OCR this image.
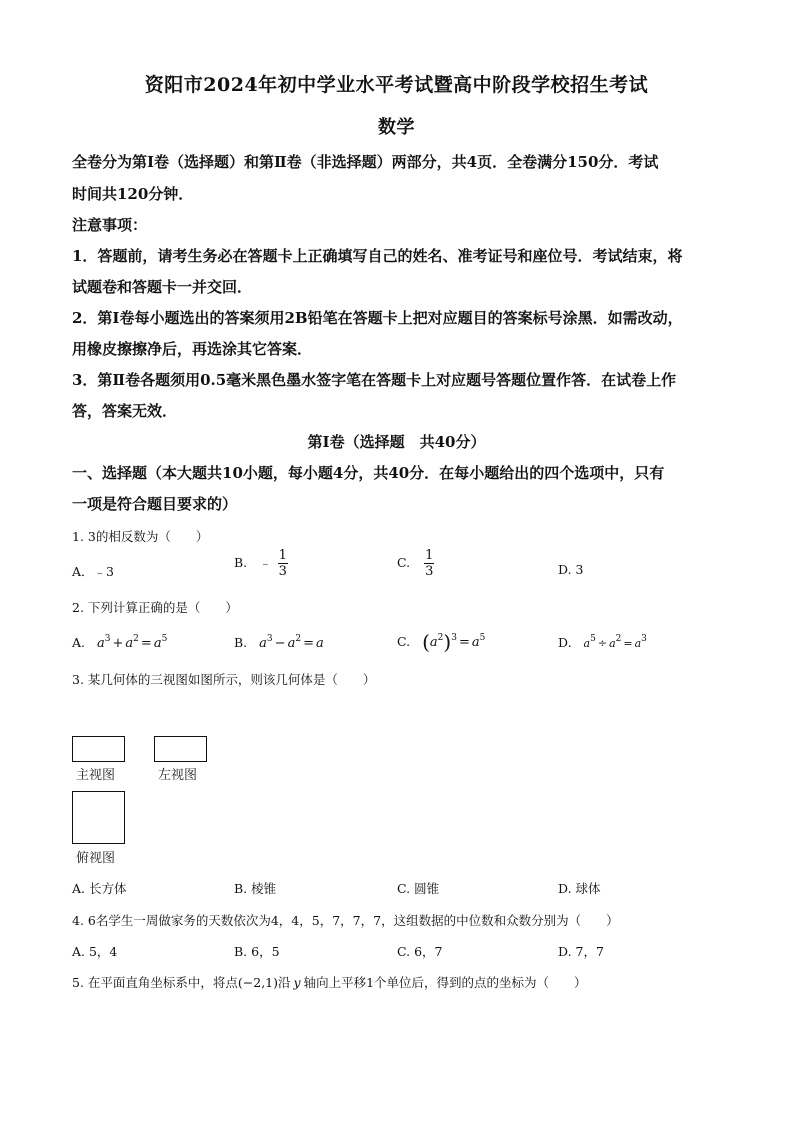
资阳市2024年初中学业水平考试暨高中阶段学校招生考试
数学
全卷分为第Ⅰ卷（选择题）和第Ⅱ卷（非选择题）两部分，共4页．全卷满分150分．考试
时间共120分钟．
注意事项：
1．答题前，请考生务必在答题卡上正确填写自己的姓名、准考证号和座位号．考试结束，将
试题卷和答题卡一并交回．
2．第Ⅰ卷每小题选出的答案须用2B铅笔在答题卡上把对应题目的答案标号涂黑．如需改动，
用橡皮擦擦净后，再选涂其它答案．
3．第Ⅱ卷各题须用0.5毫米黑色墨水签字笔在答题卡上对应题号答题位置作答．在试卷上作
答，答案无效．
第Ⅰ卷（选择题　共40分）
一、选择题（本大题共10小题，每小题4分，共40分．在每小题给出的四个选项中，只有
一项是符合题目要求的）
1. 3的相反数为（　　）
A．﹣3
B. ﹣ $\frac{1}{3}$	C. $\frac{1}{3}$	D. 3
2. 下列计算正确的是（　　）
A. $a^3 + a^2 = a^5$	B. $a^3 - a^2 = a$	C. $(a^2)^3 = a^5$	D. $a^5 \div a^2 = a^3$
3. 某几何体的三视图如图所示，则该几何体是（　　）
主视图	左视图
俯视图
A. 长方体	B. 棱锥	C. 圆锥	D. 球体
4. 6名学生一周做家务的天数依次为4，4，5，7，7，7，这组数据的中位数和众数分别为（　　）
A. 5，4	B. 6，5	C. 6，7	D. 7，7
5. 在平面直角坐标系中，将点(−2,1)沿 y 轴向上平移1个单位后，得到的点的坐标为（　　）
